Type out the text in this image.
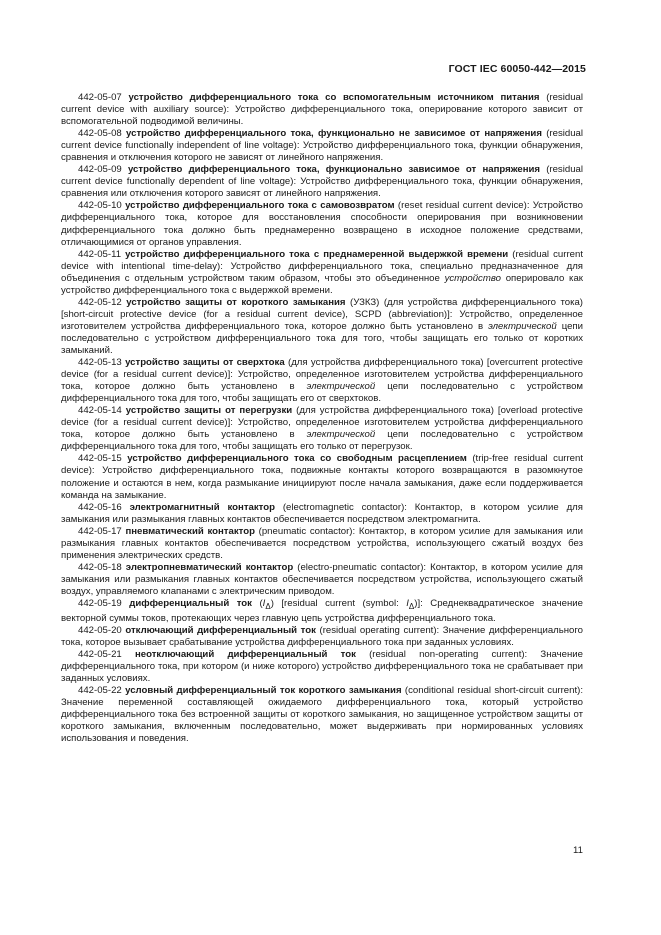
ГОСТ IEC 60050-442—2015

442-05-07 устройство дифференциального тока со вспомогательным источником питания (residual current device with auxiliary source): Устройство дифференциального тока, оперирование которого зависит от вспомогательной подводимой величины.

442-05-08 устройство дифференциального тока, функционально не зависимое от напряжения (residual current device functionally independent of line voltage): Устройство дифференциального тока, функции обнаружения, сравнения и отключения которого не зависят от линейного напряжения.

442-05-09 устройство дифференциального тока, функционально зависимое от напряжения (residual current device functionally dependent of line voltage): Устройство дифференциального тока, функции обнаружения, сравнения или отключения которого зависят от линейного напряжения.

442-05-10 устройство дифференциального тока с самовозвратом (reset residual current device): Устройство дифференциального тока, которое для восстановления способности оперирования при возникновении дифференциального тока должно быть преднамеренно возвращено в исходное положение средствами, отличающимися от органов управления.

442-05-11 устройство дифференциального тока с преднамеренной выдержкой времени (residual current device with intentional time-delay): Устройство дифференциального тока, специально предназначенное для объединения с отдельным устройством таким образом, чтобы это объединенное устройство оперировало как устройство дифференциального тока с выдержкой времени.

442-05-12 устройство защиты от короткого замыкания (УЗКЗ) (для устройства дифференциального тока) [short-circuit protective device (for a residual current device), SCPD (abbreviation)]: Устройство, определенное изготовителем устройства дифференциального тока, которое должно быть установлено в электрической цепи последовательно с устройством дифференциального тока для того, чтобы защищать его только от коротких замыканий.

442-05-13 устройство защиты от сверхтока (для устройства дифференциального тока) [overcurrent protective device (for a residual current device)]: Устройство, определенное изготовителем устройства дифференциального тока, которое должно быть установлено в электрической цепи последовательно с устройством дифференциального тока для того, чтобы защищать его от сверхтоков.

442-05-14 устройство защиты от перегрузки (для устройства дифференциального тока) [overload protective device (for a residual current device)]: Устройство, определенное изготовителем устройства дифференциального тока, которое должно быть установлено в электрической цепи последовательно с устройством дифференциального тока для того, чтобы защищать его только от перегрузок.

442-05-15 устройство дифференциального тока со свободным расцеплением (trip-free residual current device): Устройство дифференциального тока, подвижные контакты которого возвращаются в разомкнутое положение и остаются в нем, когда размыкание инициируют после начала замыкания, даже если поддерживается команда на замыкание.

442-05-16 электромагнитный контактор (electromagnetic contactor): Контактор, в котором усилие для замыкания или размыкания главных контактов обеспечивается посредством электромагнита.

442-05-17 пневматический контактор (pneumatic contactor): Контактор, в котором усилие для замыкания или размыкания главных контактов обеспечивается посредством устройства, использующего сжатый воздух без применения электрических средств.

442-05-18 электропневматический контактор (electro-pneumatic contactor): Контактор, в котором усилие для замыкания или размыкания главных контактов обеспечивается посредством устройства, использующего сжатый воздух, управляемого клапанами с электрическим приводом.

442-05-19 дифференциальный ток $(I_\Delta)$ [residual current (symbol: $I_\Delta$)]: Среднеквадратическое значение векторной суммы токов, протекающих через главную цепь устройства дифференциального тока.

442-05-20 отключающий дифференциальный ток (residual operating current): Значение дифференциального тока, которое вызывает срабатывание устройства дифференциального тока при заданных условиях.

442-05-21 неотключающий дифференциальный ток (residual non-operating current): Значение дифференциального тока, при котором (и ниже которого) устройство дифференциального тока не срабатывает при заданных условиях.

442-05-22 условный дифференциальный ток короткого замыкания (conditional residual short-circuit current): Значение переменной составляющей ожидаемого дифференциального тока, который устройство дифференциального тока без встроенной защиты от короткого замыкания, но защищенное устройством защиты от короткого замыкания, включенным последовательно, может выдерживать при нормированных условиях использования и поведения.

11
